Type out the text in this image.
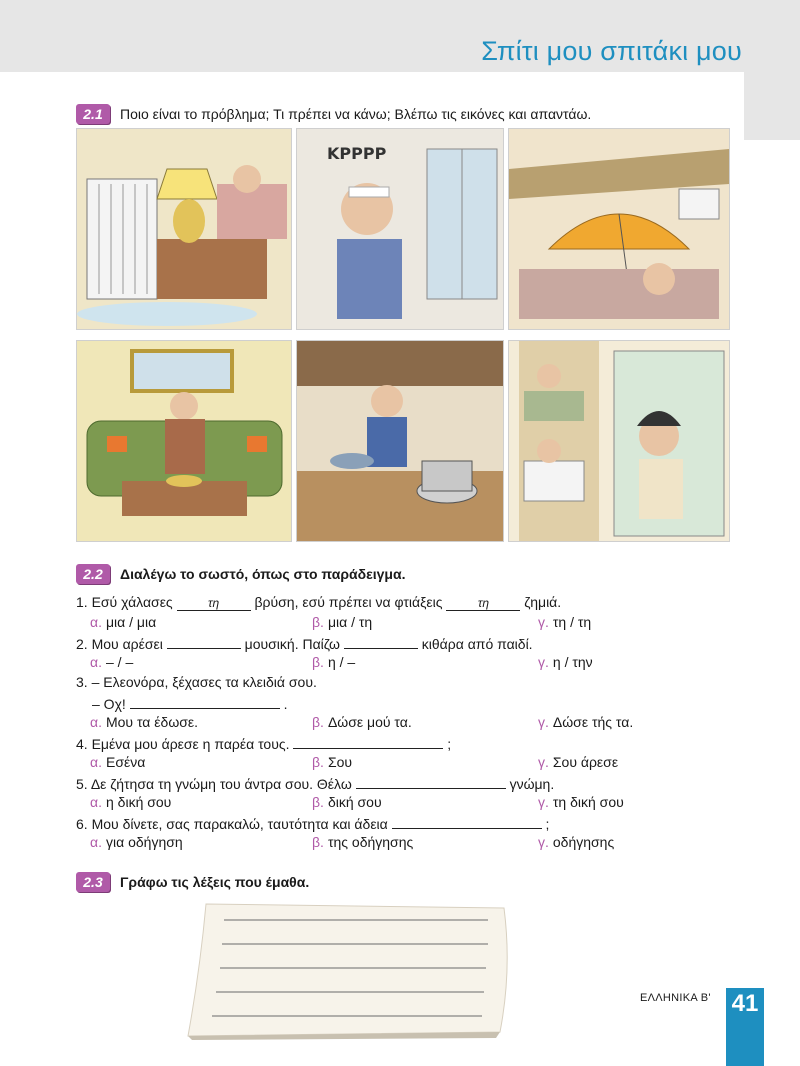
Σπίτι μου σπιτάκι μου
2.1	Ποιο είναι το πρόβλημα; Τι πρέπει να κάνω; Βλέπω τις εικόνες και απαντάω.
ΚΡΡΡΡ
2.2	Διαλέγω το σωστό, όπως στο παράδειγμα.
1. Εσύ χάλασες	τη	βρύση, εσύ πρέπει να φτιάξεις	τη	ζημιά.
α. μια / μια	β. μια / τη	γ. τη / τη
2. Μου αρέσει	μουσική. Παίζω	κιθάρα από παιδί.
α. – / –	β. η / –	γ. η / την
3. – Ελεονόρα, ξέχασες τα κλειδιά σου.
– Οχ!	.
α. Μου τα έδωσε.	β. Δώσε μού τα.	γ. Δώσε τής τα.
4. Εμένα μου άρεσε η παρέα τους.	;
α. Εσένα	β. Σου	γ. Σου άρεσε
5. Δε ζήτησα τη γνώμη του άντρα σου. Θέλω	γνώμη.
α. η δική σου	β. δική σου	γ. τη δική σου
6. Μου δίνετε, σας παρακαλώ, ταυτότητα και άδεια	;
α. για οδήγηση	β. της οδήγησης	γ. οδήγησης
2.3	Γράφω τις λέξεις που έμαθα.
ΕΛΛΗΝΙΚΑ Β' 41
